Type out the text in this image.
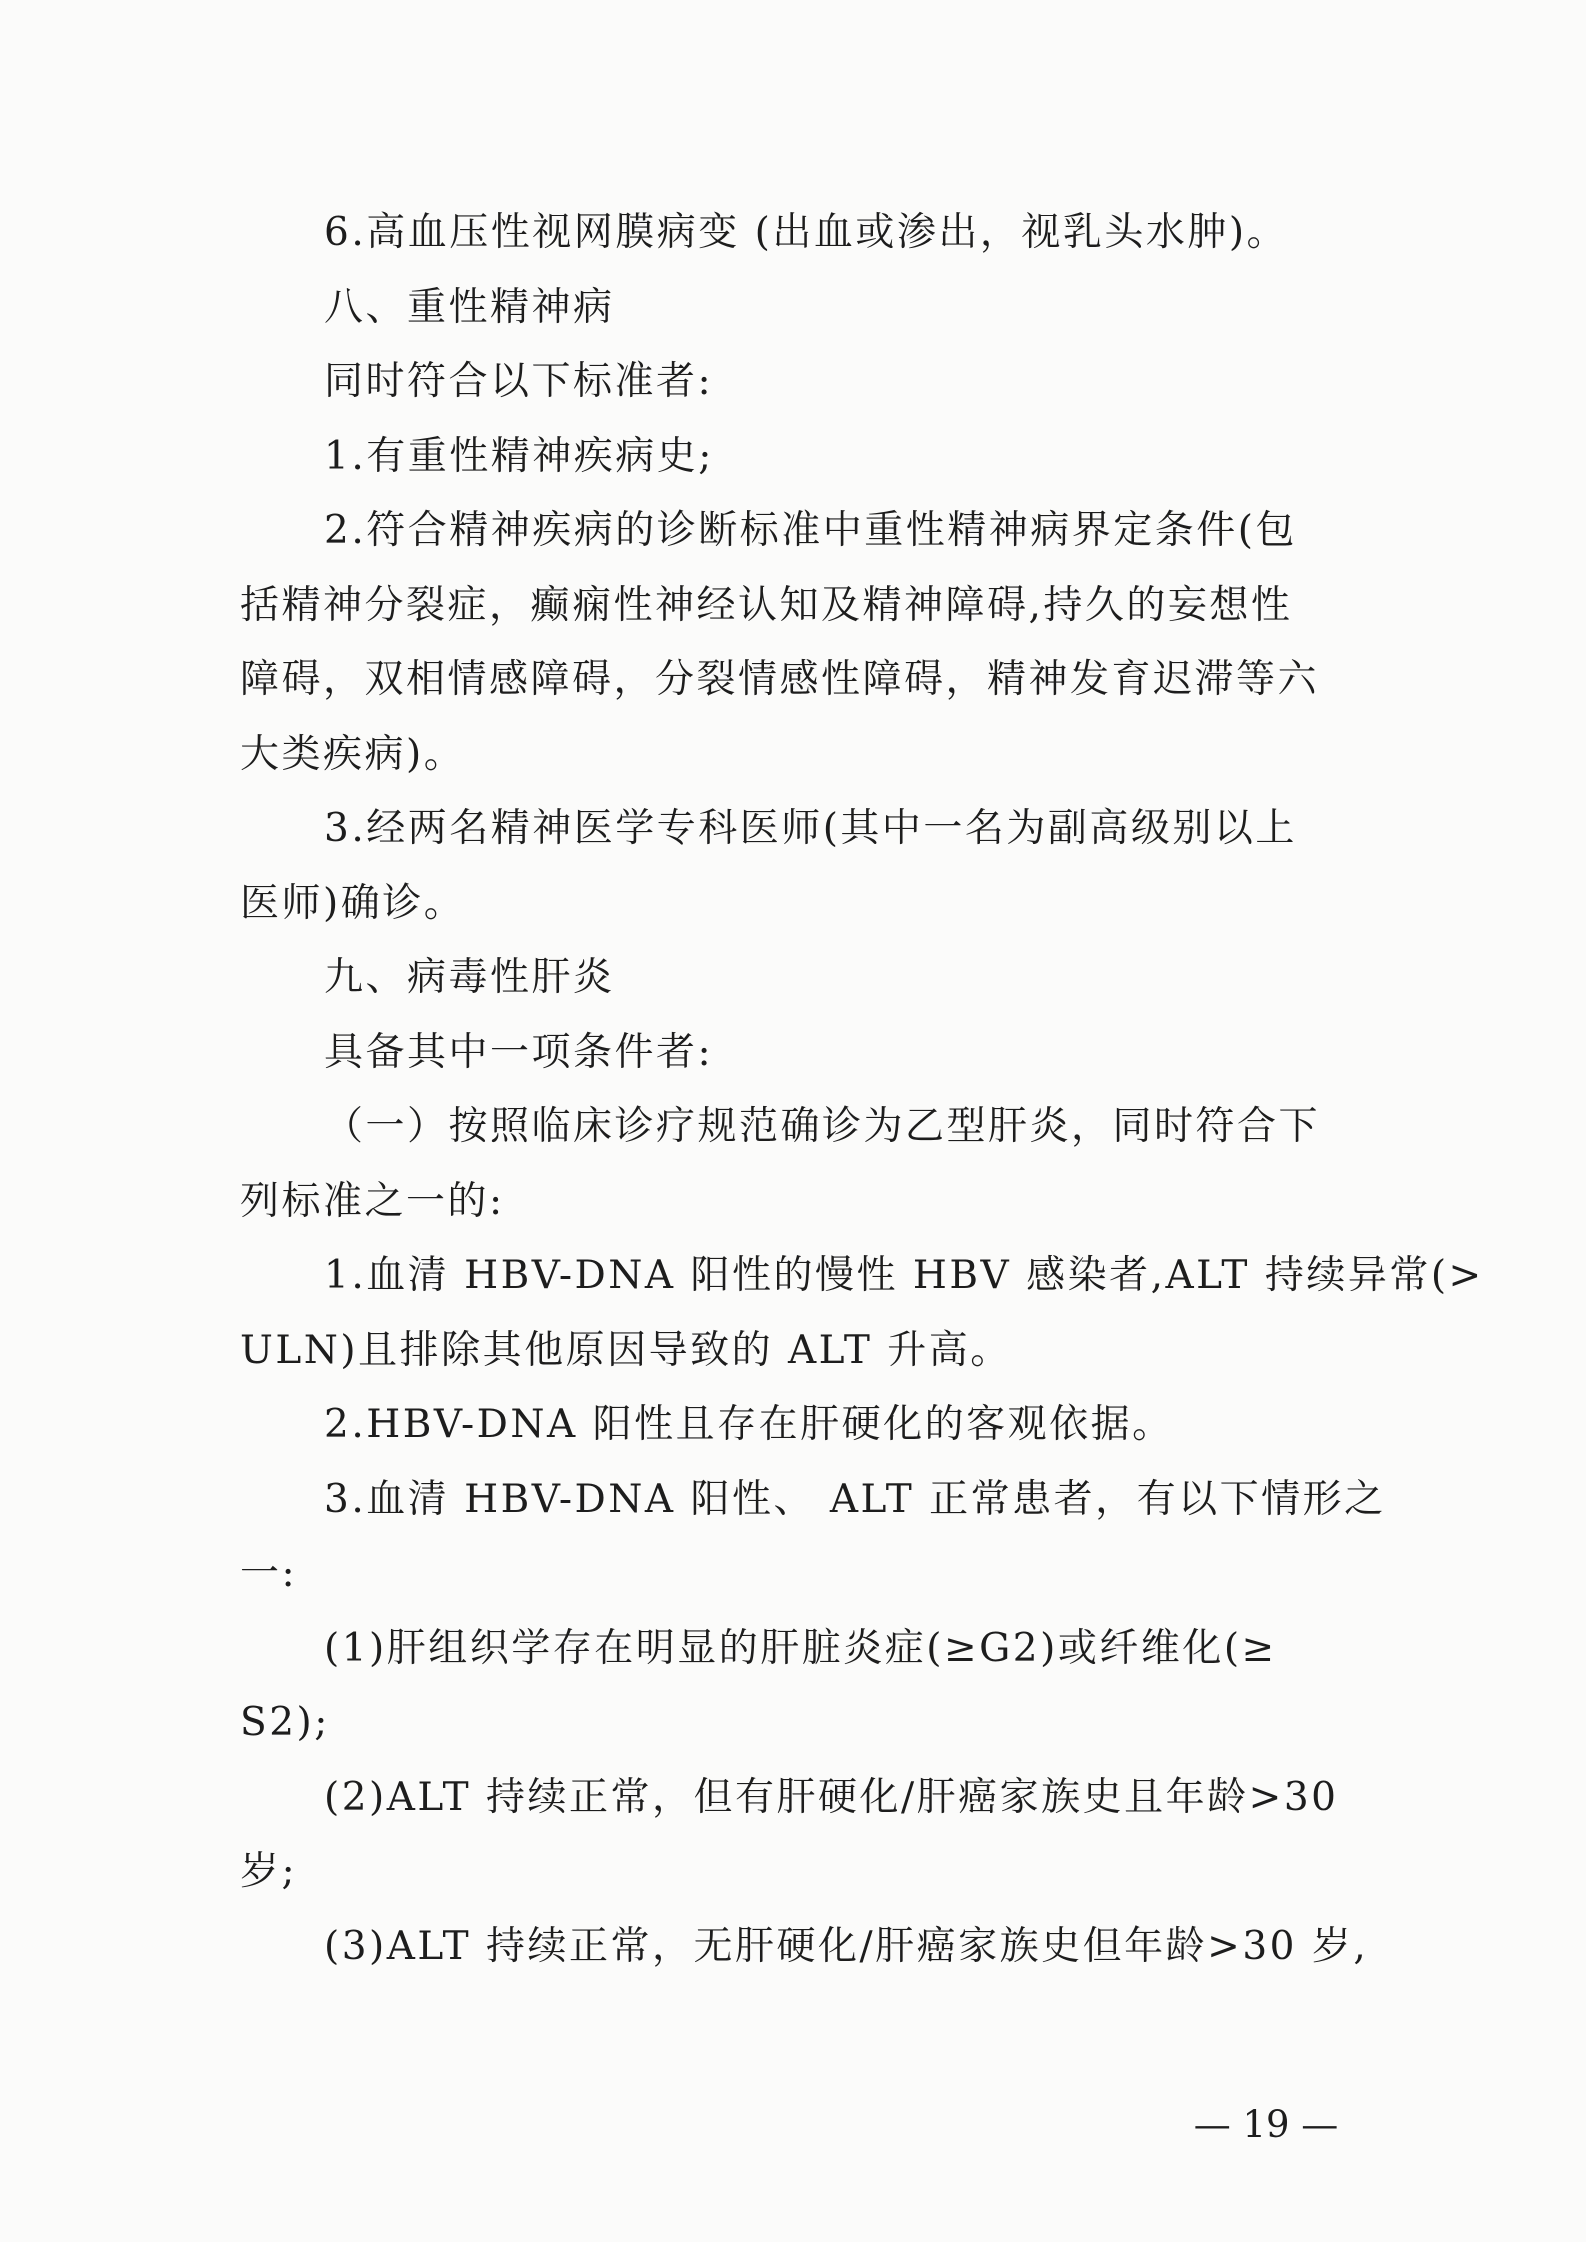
6.高血压性视网膜病变 (出血或渗出，视乳头水肿)。
八、重性精神病
同时符合以下标准者:
1.有重性精神疾病史;
2.符合精神疾病的诊断标准中重性精神病界定条件(包
括精神分裂症，癫痫性神经认知及精神障碍,持久的妄想性
障碍，双相情感障碍，分裂情感性障碍，精神发育迟滞等六
大类疾病)。
3.经两名精神医学专科医师(其中一名为副高级别以上
医师)确诊。
九、病毒性肝炎
具备其中一项条件者:
（一）按照临床诊疗规范确诊为乙型肝炎，同时符合下
列标准之一的:
1.血清 HBV-DNA 阳性的慢性 HBV 感染者,ALT 持续异常(>
ULN)且排除其他原因导致的 ALT 升高。
2.HBV-DNA 阳性且存在肝硬化的客观依据。
3.血清 HBV-DNA 阳性、 ALT 正常患者，有以下情形之
一:
(1)肝组织学存在明显的肝脏炎症(≥G2)或纤维化(≥
S2);
(2)ALT 持续正常，但有肝硬化/肝癌家族史且年龄>30
岁;
(3)ALT 持续正常，无肝硬化/肝癌家族史但年龄>30 岁,
— 19 —
